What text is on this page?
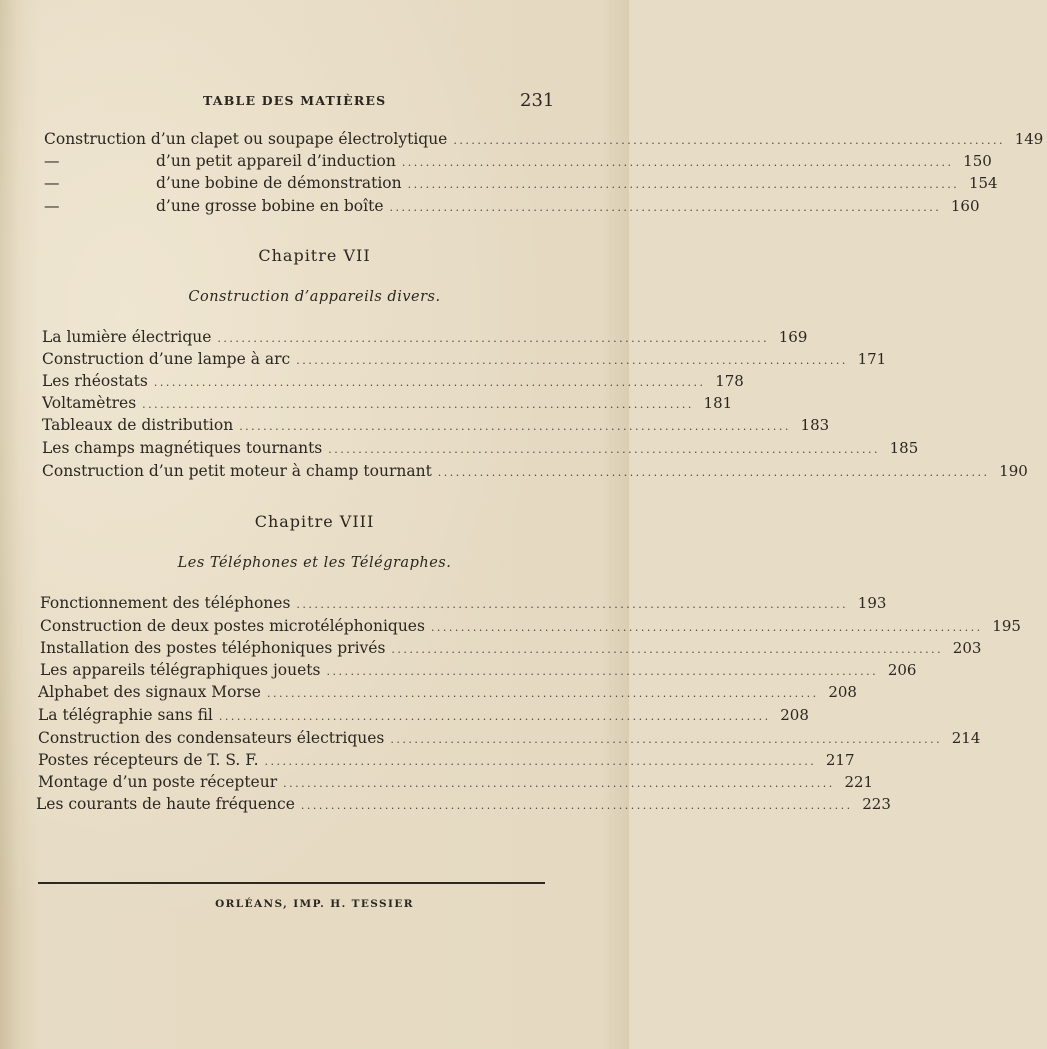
TABLE DES MATIÈRES	231
Construction d’un clapet ou soupape électrolytique ............................................................................................ 149
—	d’un petit appareil d’induction ............................................................................................ 150
—	d’une bobine de démonstration ............................................................................................ 154
—	d’une grosse bobine en boîte ............................................................................................ 160
Chapitre VII
Construction d’appareils divers.
La lumière électrique ............................................................................................ 169
Construction d’une lampe à arc ............................................................................................ 171
Les rhéostats ............................................................................................ 178
Voltamètres ............................................................................................ 181
Tableaux de distribution ............................................................................................ 183
Les champs magnétiques tournants ............................................................................................ 185
Construction d’un petit moteur à champ tournant ............................................................................................ 190
Chapitre VIII
Les Téléphones et les Télégraphes.
Fonctionnement des téléphones ............................................................................................ 193
Construction de deux postes microtéléphoniques ............................................................................................ 195
Installation des postes téléphoniques privés ............................................................................................ 203
Les appareils télégraphiques jouets ............................................................................................ 206
Alphabet des signaux Morse ............................................................................................ 208
La télégraphie sans fil ............................................................................................ 208
Construction des condensateurs électriques ............................................................................................ 214
Postes récepteurs de T. S. F. ............................................................................................ 217
Montage d’un poste récepteur ............................................................................................ 221
Les courants de haute fréquence ............................................................................................ 223
ORLÉANS, IMP. H. TESSIER
